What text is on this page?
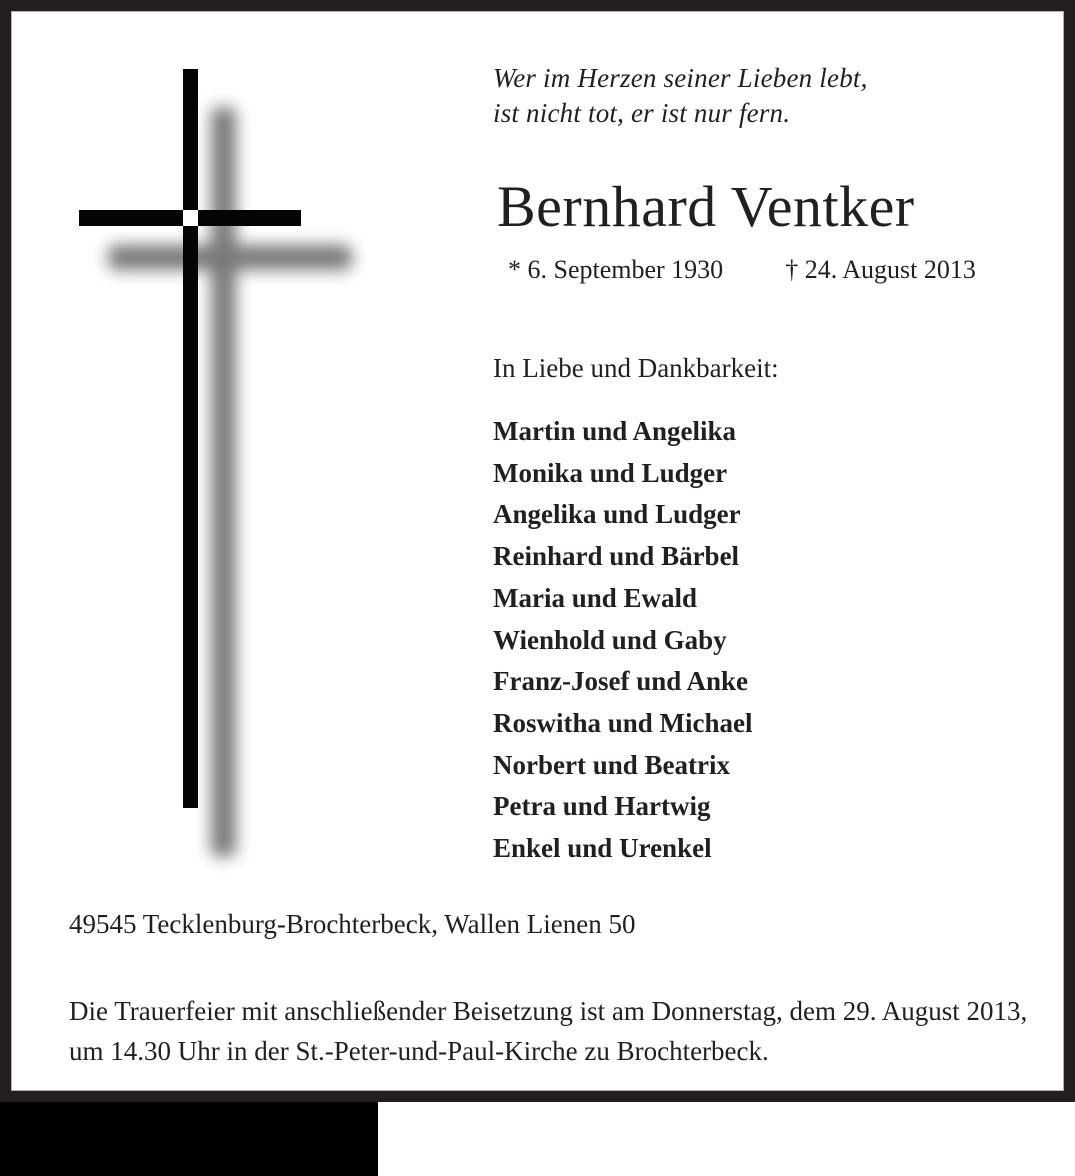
Wer im Herzen seiner Lieben lebt,
ist nicht tot, er ist nur fern.
Bernhard Ventker
* 6. September 1930 † 24. August 2013
In Liebe und Dankbarkeit:
Martin und Angelika
Monika und Ludger
Angelika und Ludger
Reinhard und Bärbel
Maria und Ewald
Wienhold und Gaby
Franz-Josef und Anke
Roswitha und Michael
Norbert und Beatrix
Petra und Hartwig
Enkel und Urenkel
49545 Tecklenburg-Brochterbeck, Wallen Lienen 50
Die Trauerfeier mit anschließender Beisetzung ist am Donnerstag, dem 29. August 2013, um 14.30 Uhr in der St.-Peter-und-Paul-Kirche zu Brochterbeck.
